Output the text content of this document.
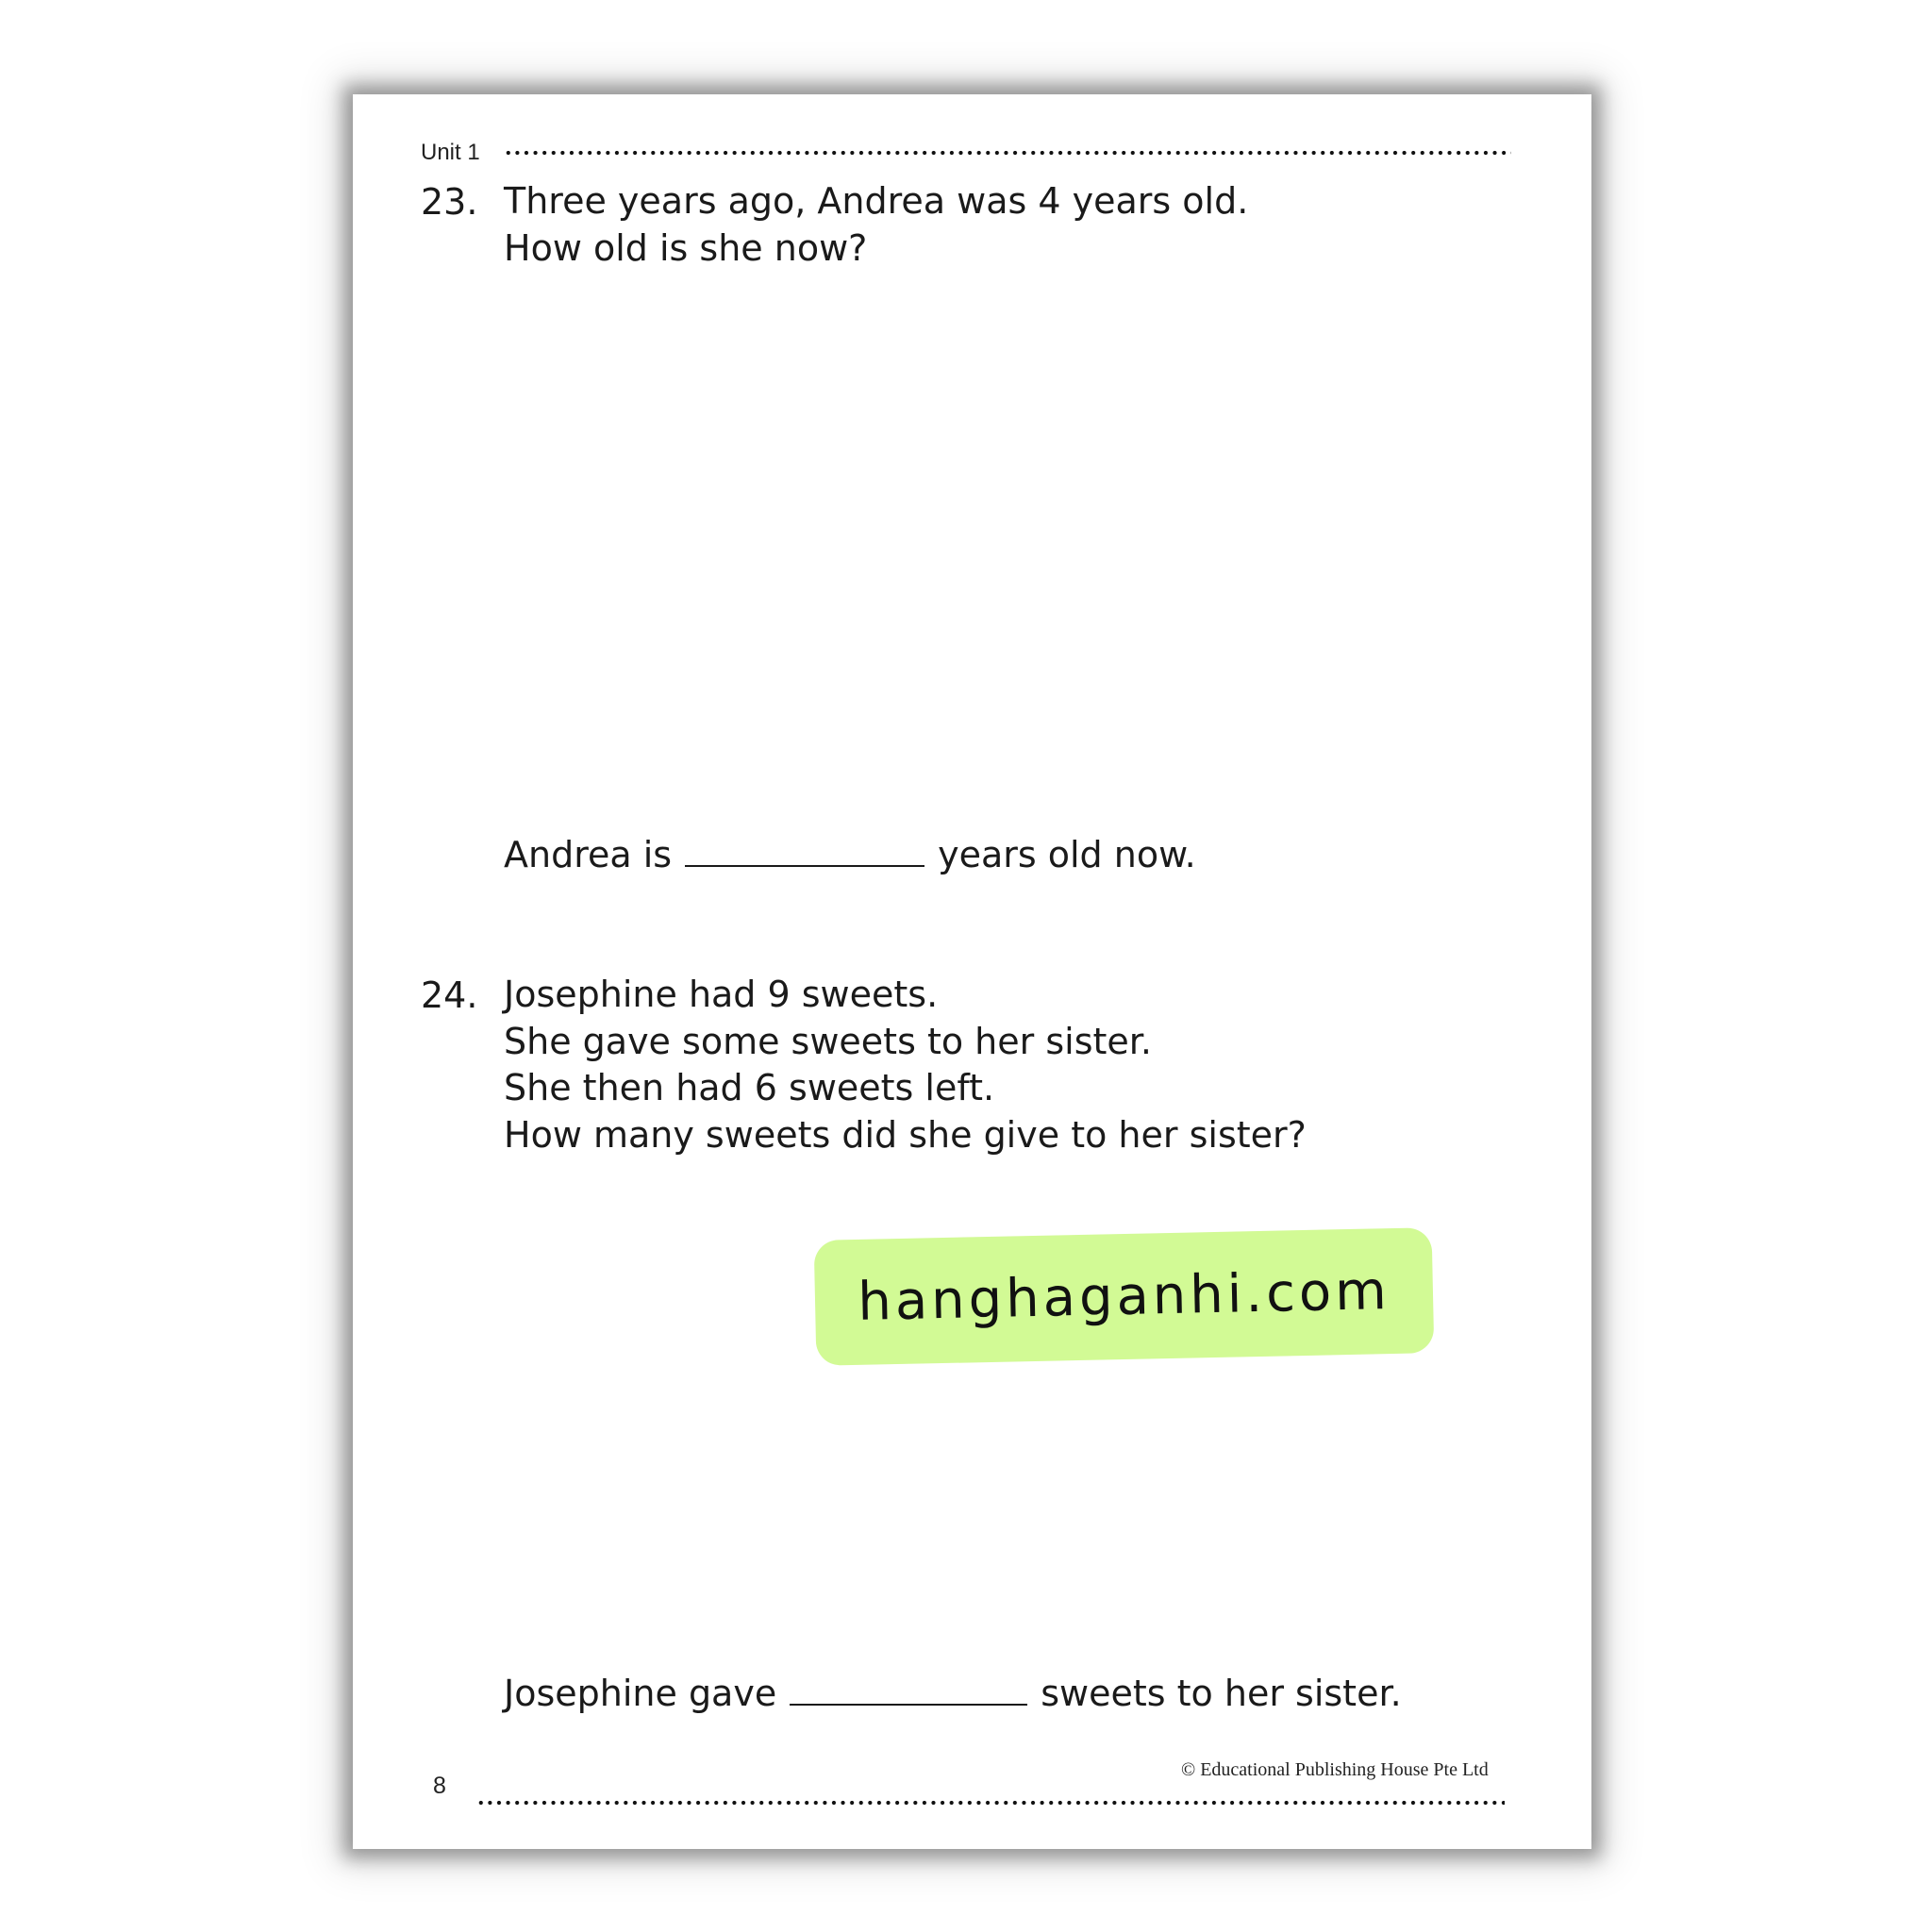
Unit 1
23. Three years ago, Andrea was 4 years old.
How old is she now?
Andrea is	years old now.
24. Josephine had 9 sweets.
She gave some sweets to her sister.
She then had 6 sweets left.
How many sweets did she give to her sister?
hanghaganhi.com
Josephine gave	sweets to her sister.
© Educational Publishing House Pte Ltd
8
